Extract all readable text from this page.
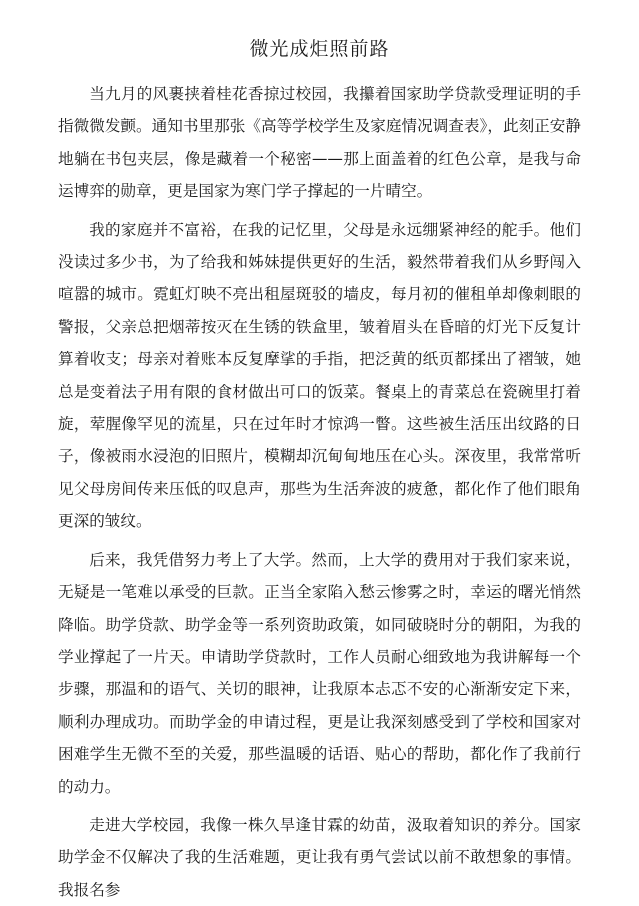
微光成炬照前路

当九月的风裹挟着桂花香掠过校园，我攥着国家助学贷款受理证明的手指微微发颤。通知书里那张《高等学校学生及家庭情况调查表》，此刻正安静地躺在书包夹层，像是藏着一个秘密——那上面盖着的红色公章，是我与命运博弈的勋章，更是国家为寒门学子撑起的一片晴空。

我的家庭并不富裕，在我的记忆里，父母是永远绷紧神经的舵手。他们没读过多少书，为了给我和姊妹提供更好的生活，毅然带着我们从乡野闯入喧嚣的城市。霓虹灯映不亮出租屋斑驳的墙皮，每月初的催租单却像刺眼的警报，父亲总把烟蒂按灭在生锈的铁盒里，皱着眉头在昏暗的灯光下反复计算着收支；母亲对着账本反复摩挲的手指，把泛黄的纸页都揉出了褶皱，她总是变着法子用有限的食材做出可口的饭菜。餐桌上的青菜总在瓷碗里打着旋，荤腥像罕见的流星，只在过年时才惊鸿一瞥。这些被生活压出纹路的日子，像被雨水浸泡的旧照片，模糊却沉甸甸地压在心头。深夜里，我常常听见父母房间传来压低的叹息声，那些为生活奔波的疲惫，都化作了他们眼角更深的皱纹。

后来，我凭借努力考上了大学。然而，上大学的费用对于我们家来说，无疑是一笔难以承受的巨款。正当全家陷入愁云惨雾之时，幸运的曙光悄然降临。助学贷款、助学金等一系列资助政策，如同破晓时分的朝阳，为我的学业撑起了一片天。申请助学贷款时，工作人员耐心细致地为我讲解每一个步骤，那温和的语气、关切的眼神，让我原本忐忑不安的心渐渐安定下来，顺利办理成功。而助学金的申请过程，更是让我深刻感受到了学校和国家对困难学生无微不至的关爱，那些温暖的话语、贴心的帮助，都化作了我前行的动力。

走进大学校园，我像一株久旱逢甘霖的幼苗，汲取着知识的养分。国家助学金不仅解决了我的生活难题，更让我有勇气尝试以前不敢想象的事情。我报名参
